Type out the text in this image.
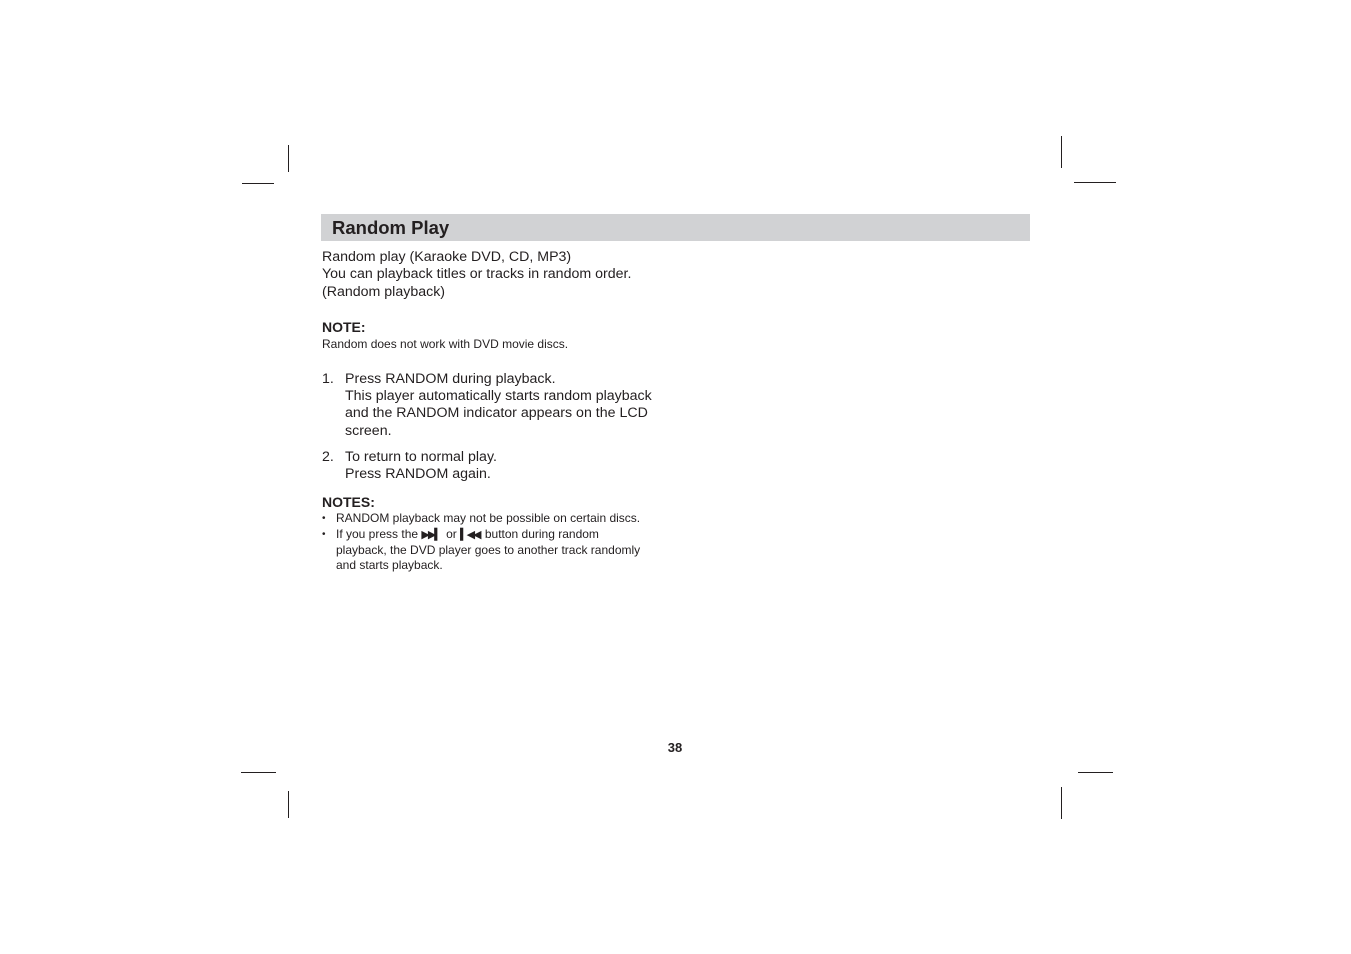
Random Play
Random play (Karaoke DVD, CD, MP3)
You can playback titles or tracks in random order.
(Random playback)
NOTE:
Random does not work with DVD movie discs.
1. Press RANDOM during playback.
This player automatically starts random playback
and the RANDOM indicator appears on the LCD
screen.
2. To return to normal play.
Press RANDOM again.
NOTES:
• RANDOM playback may not be possible on certain discs.
• If you press the ▶▶▍ or ▍◀◀ button during random
playback, the DVD player goes to another track randomly
and starts playback.
38
